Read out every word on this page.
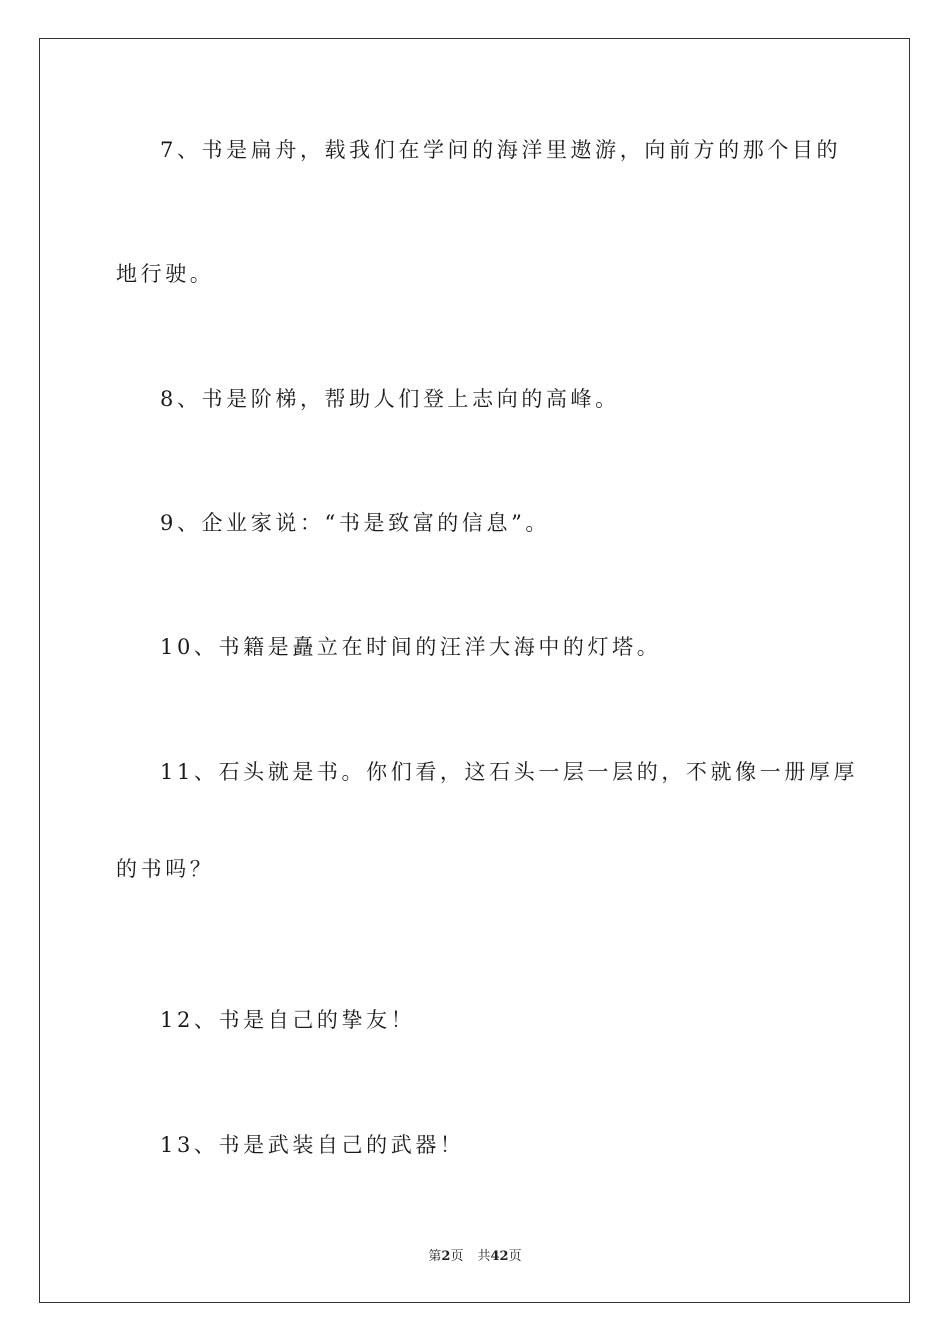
7、书是扁舟，载我们在学问的海洋里遨游，向前方的那个目的
地行驶。
8、书是阶梯，帮助人们登上志向的高峰。
9、企业家说：“书是致富的信息”。
10、书籍是矗立在时间的汪洋大海中的灯塔。
11、石头就是书。你们看，这石头一层一层的，不就像一册厚厚
的书吗？
12、书是自己的挚友！
13、书是武装自己的武器！
第2页 共42页
